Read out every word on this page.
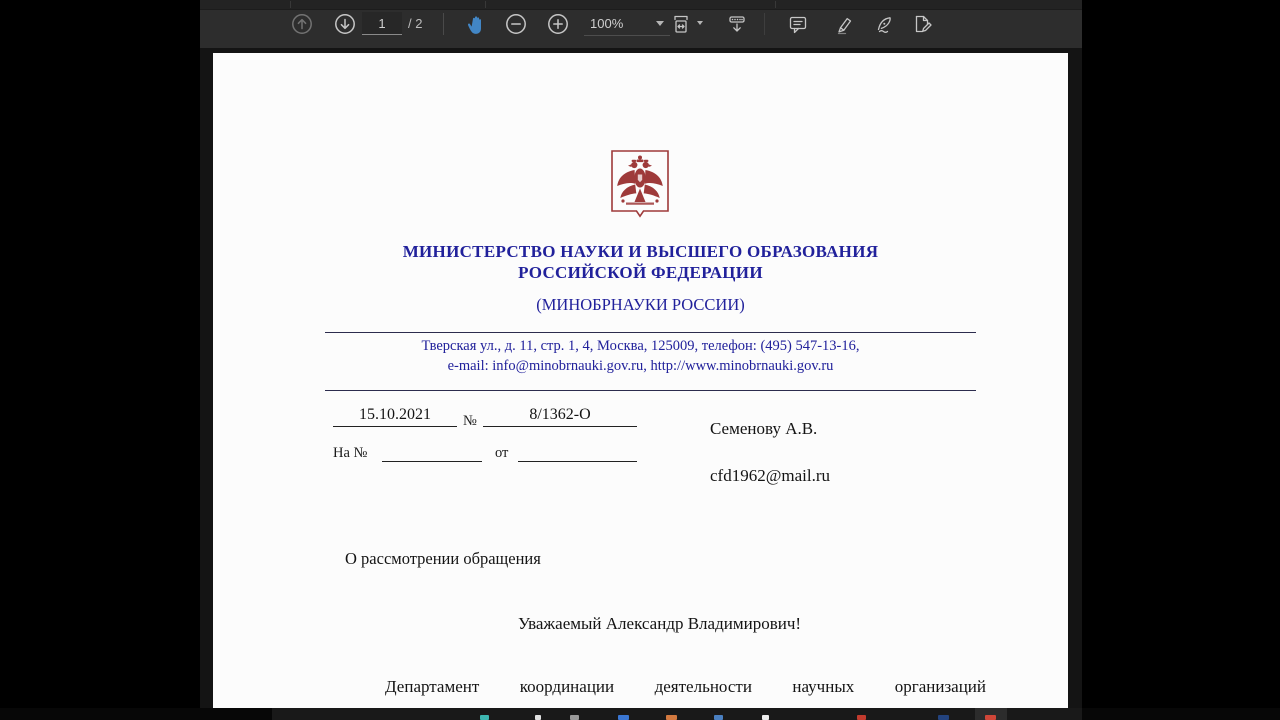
1
/ 2	100%
МИНИСТЕРСТВО НАУКИ И ВЫСШЕГО ОБРАЗОВАНИЯ
РОССИЙСКОЙ ФЕДЕРАЦИИ
(МИНОБРНАУКИ РОССИИ)
Тверская ул., д. 11, стр. 1, 4, Москва, 125009, телефон: (495) 547-13-16,
e-mail: info@minobrnauki.gov.ru, http://www.minobrnauki.gov.ru
15.10.2021	№	8/1362-О
На №	от
Семенову А.В.
cfd1962@mail.ru
О рассмотрении обращения
Уважаемый Александр Владимирович!
Департамент координации деятельности научных организаций
